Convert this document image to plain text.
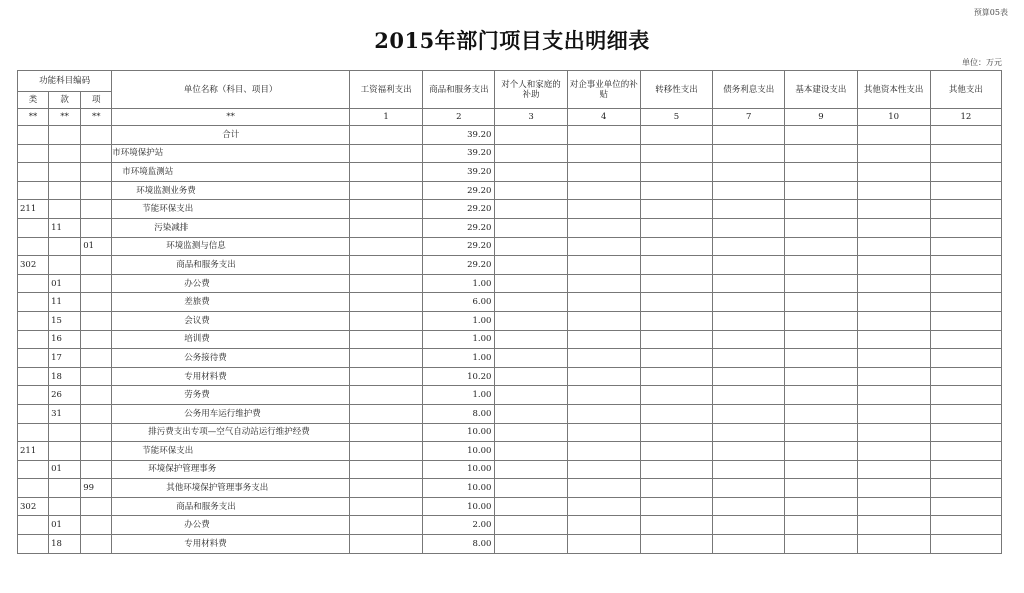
预算05表
2015年部门项目支出明细表
单位：万元
功能科目编码			单位名称（科目、项目）	工资福利支出	商品和服务支出	对个人和家庭的补助	对企事业单位的补贴	转移性支出	债务利息支出	基本建设支出	其他资本性支出	其他支出
类	款	项										
**	**	**	**	1	2	3	4	5	7	9	10	12
			合计		39.20							
			市环境保护站		39.20							
			市环境监测站		39.20							
			环境监测业务费		29.20							
211			节能环保支出		29.20							
	11		污染减排		29.20							
		01	环境监测与信息		29.20							
302			商品和服务支出		29.20							
	01		办公费		1.00							
	11		差旅费		6.00							
	15		会议费		1.00							
	16		培训费		1.00							
	17		公务接待费		1.00							
	18		专用材料费		10.20							
	26		劳务费		1.00							
	31		公务用车运行维护费		8.00							
			排污费支出专项—空气自动站运行维护经费		10.00							
211			节能环保支出		10.00							
	01		环境保护管理事务		10.00							
		99	其他环境保护管理事务支出		10.00							
302			商品和服务支出		10.00							
	01		办公费		2.00							
	18		专用材料费		8.00							
